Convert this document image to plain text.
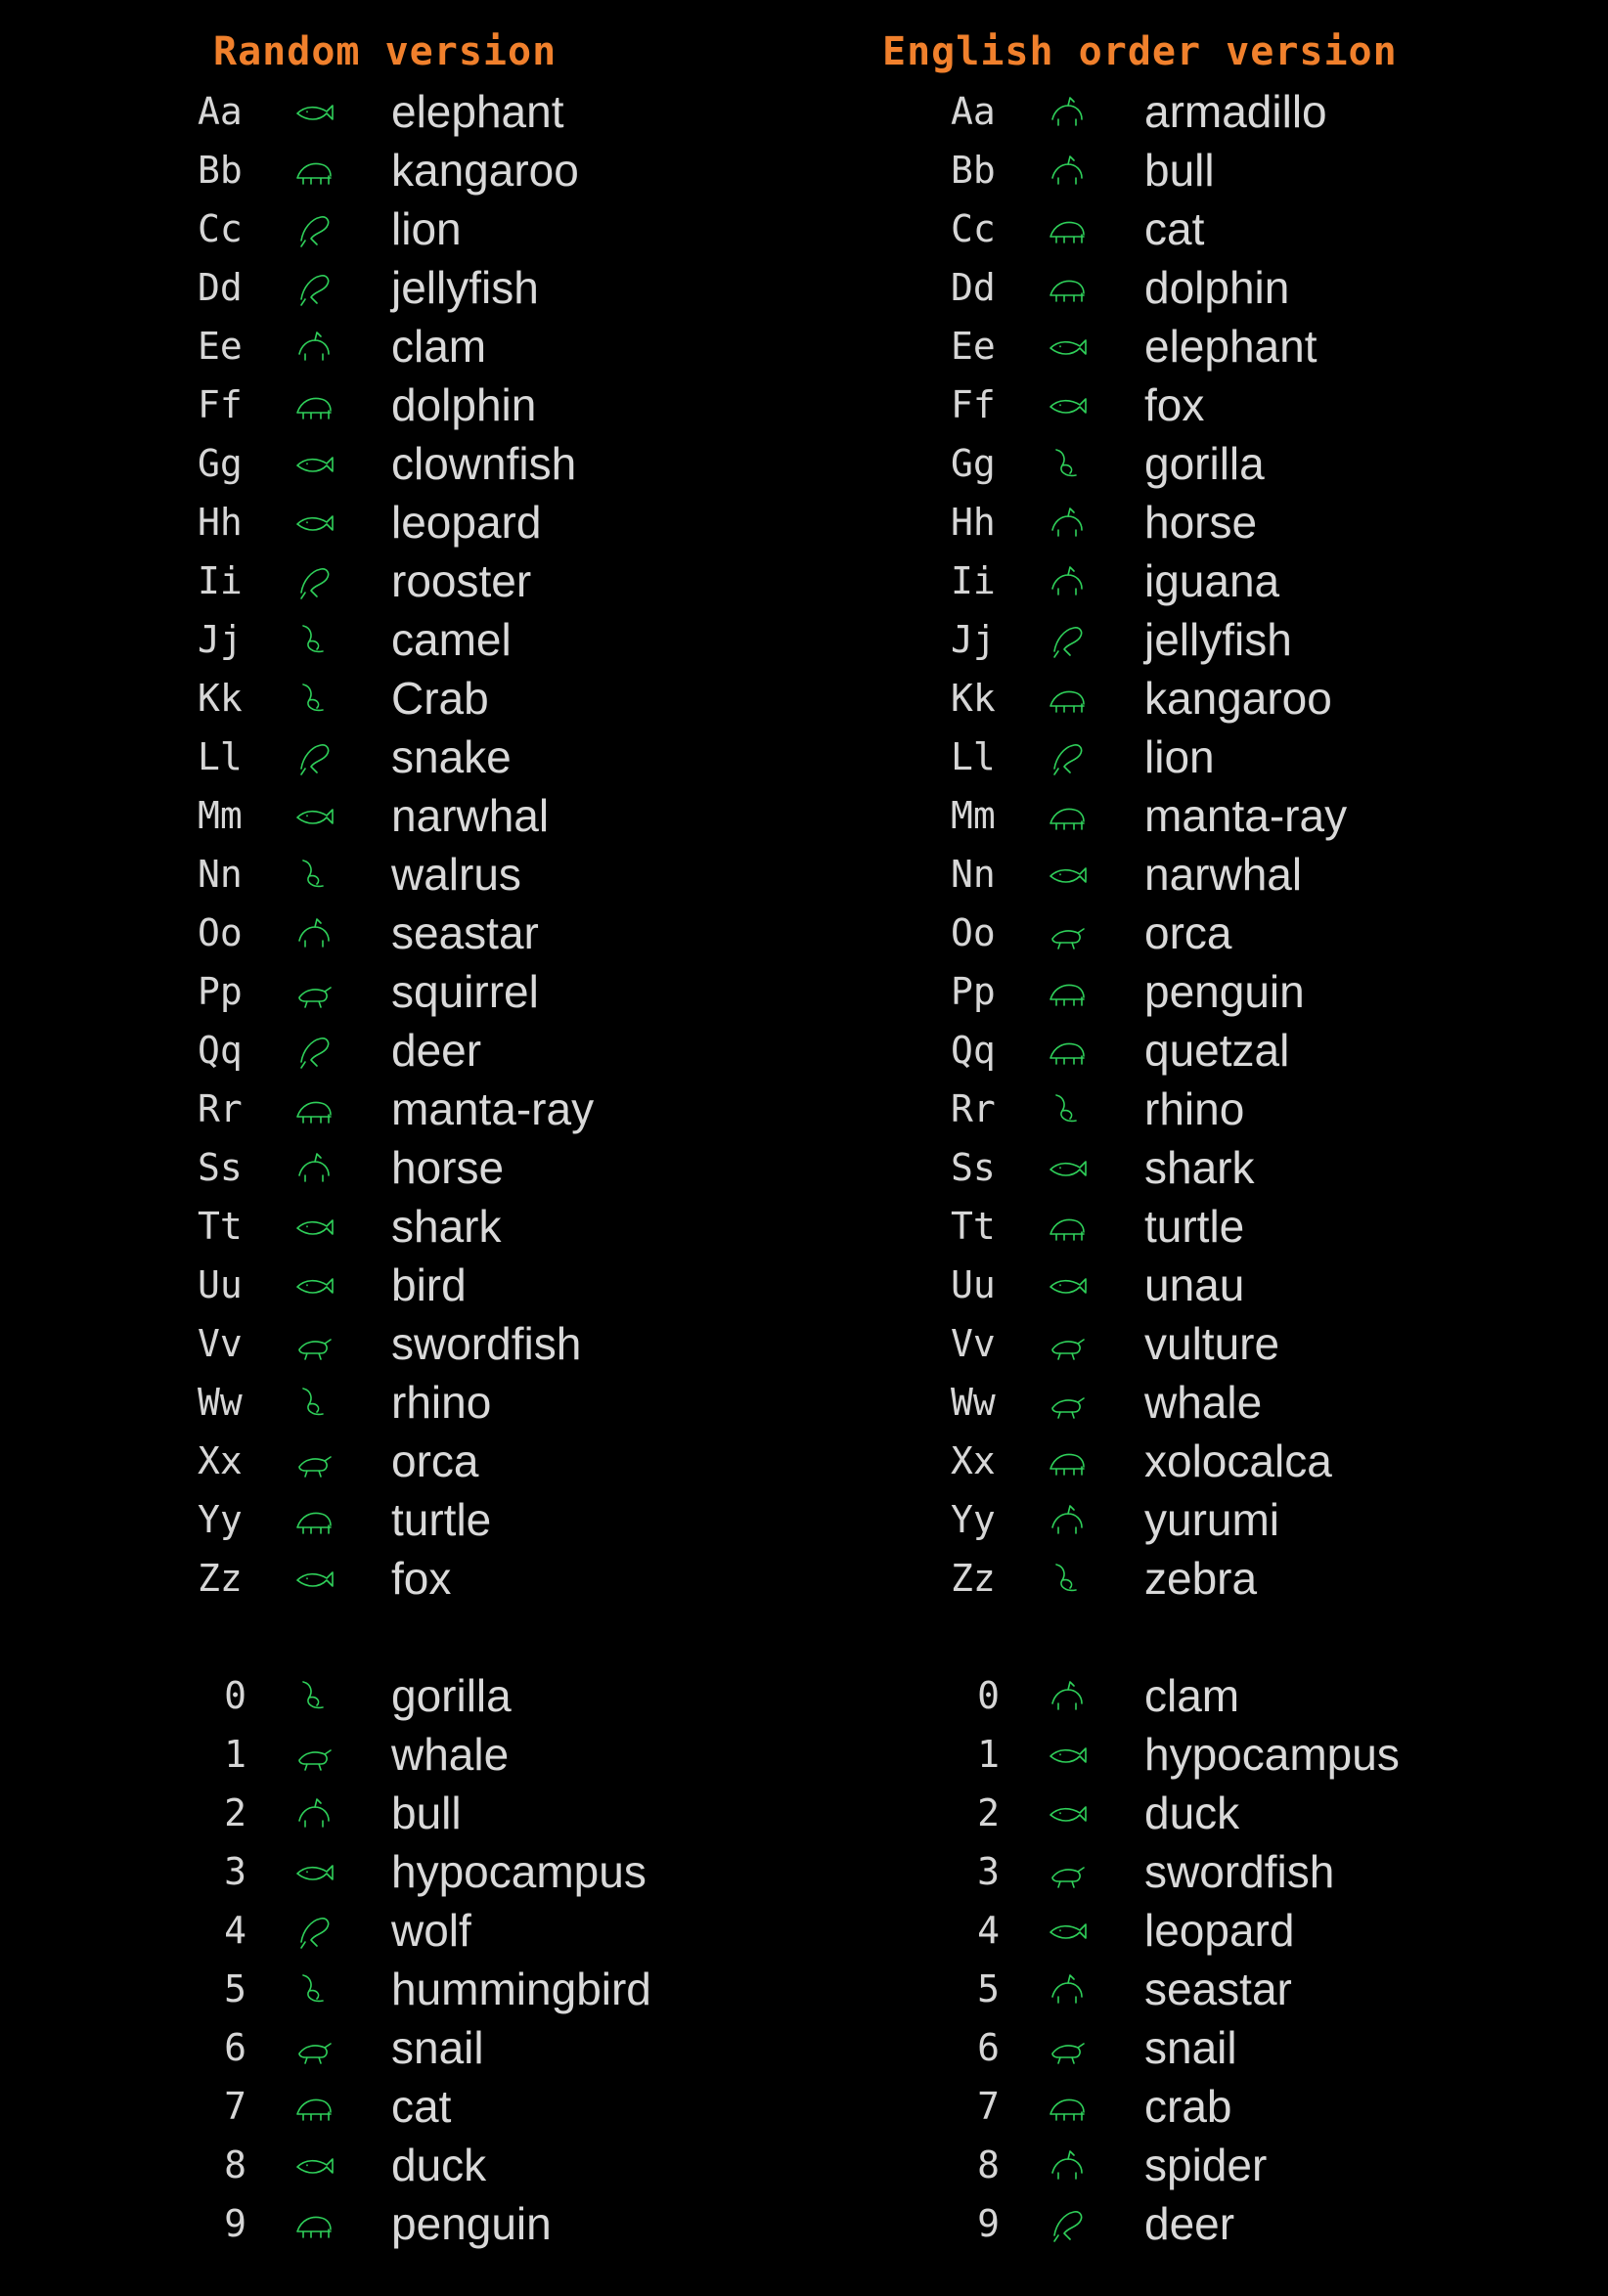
Random version
Aa	elephant
Bb	kangaroo
Cc	lion
Dd	jellyfish
Ee	clam
Ff	dolphin
Gg	clownfish
Hh	leopard
Ii	rooster
Jj	camel
Kk	Crab
Ll	snake
Mm	narwhal
Nn	walrus
Oo	seastar
Pp	squirrel
Qq	deer
Rr	manta-ray
Ss	horse
Tt	shark
Uu	bird
Vv	swordfish
Ww	rhino
Xx	orca
Yy	turtle
Zz	fox
0	gorilla
1	whale
2	bull
3	hypocampus
4	wolf
5	hummingbird
6	snail
7	cat
8	duck
9	penguin
English order version
Aa	armadillo
Bb	bull
Cc	cat
Dd	dolphin
Ee	elephant
Ff	fox
Gg	gorilla
Hh	horse
Ii	iguana
Jj	jellyfish
Kk	kangaroo
Ll	lion
Mm	manta-ray
Nn	narwhal
Oo	orca
Pp	penguin
Qq	quetzal
Rr	rhino
Ss	shark
Tt	turtle
Uu	unau
Vv	vulture
Ww	whale
Xx	xolocalca
Yy	yurumi
Zz	zebra
0	clam
1	hypocampus
2	duck
3	swordfish
4	leopard
5	seastar
6	snail
7	crab
8	spider
9	deer
